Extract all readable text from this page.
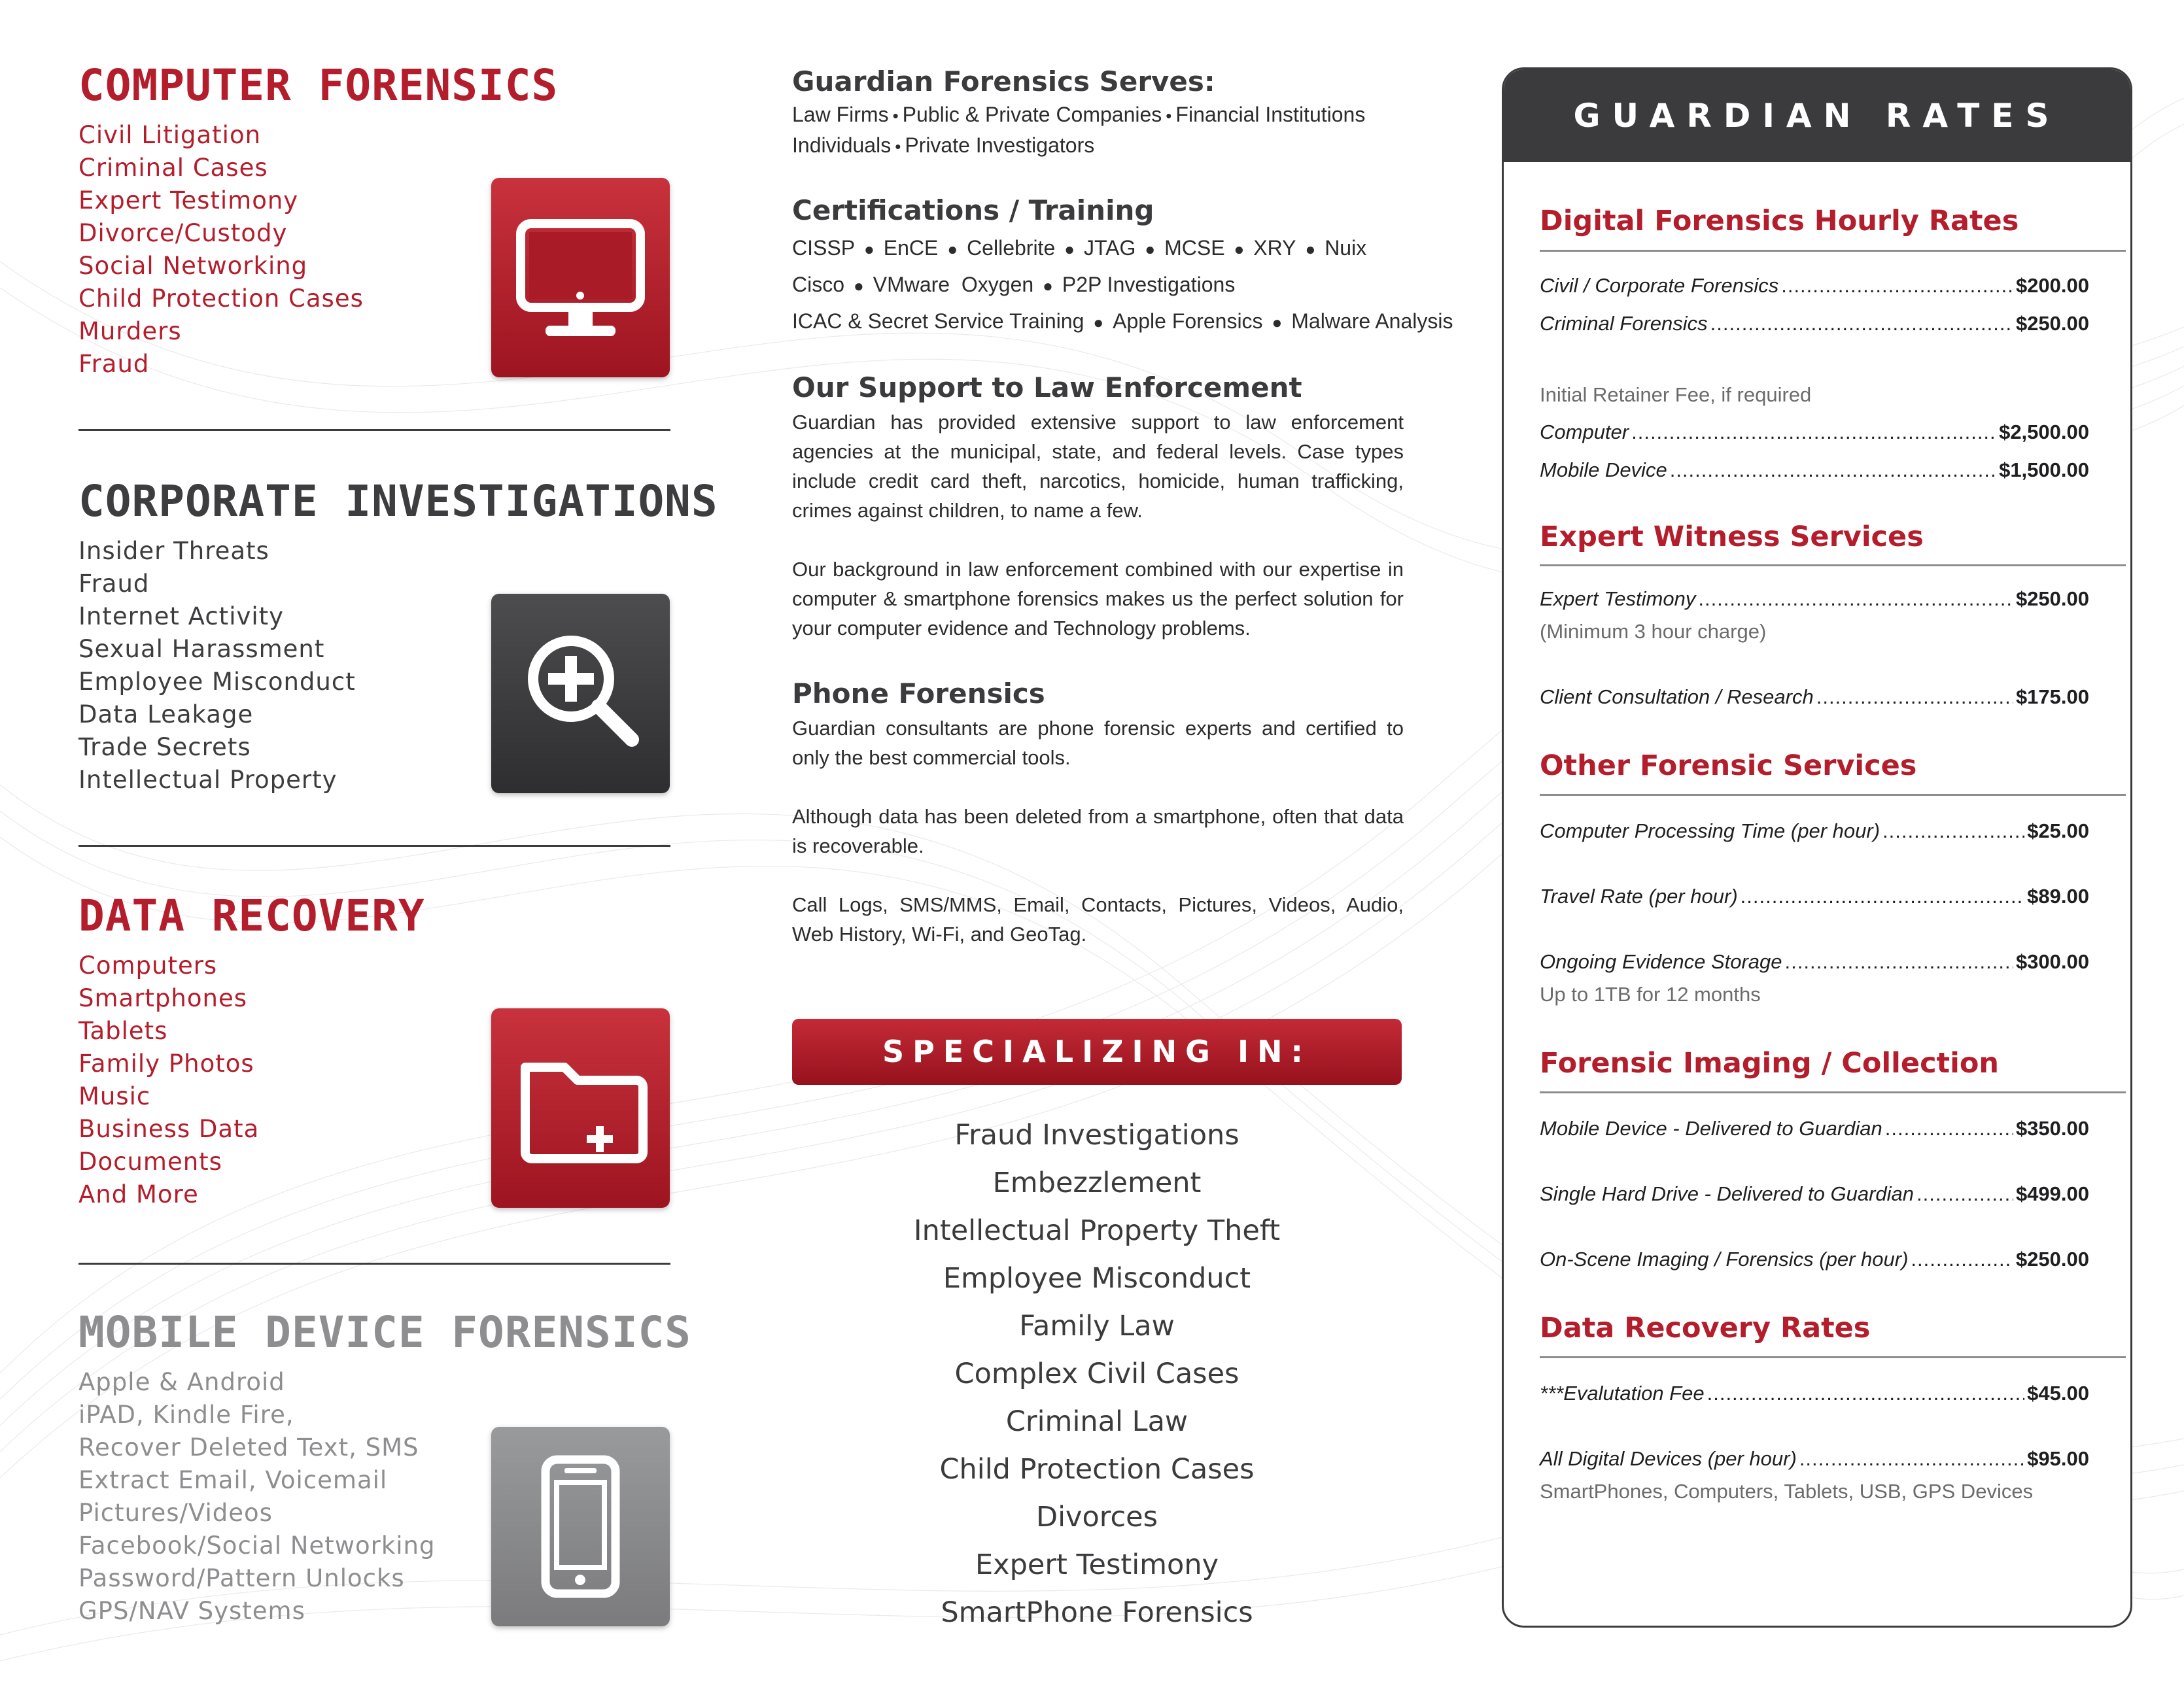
COMPUTER FORENSICS
Civil Litigation
Criminal Cases
Expert Testimony
Divorce/Custody
Social Networking
Child Protection Cases
Murders
Fraud
CORPORATE INVESTIGATIONS
Insider Threats
Fraud
Internet Activity
Sexual Harassment
Employee Misconduct
Data Leakage
Trade Secrets
Intellectual Property
DATA RECOVERY
Computers
Smartphones
Tablets
Family Photos
Music
Business Data
Documents
And More
MOBILE DEVICE FORENSICS
Apple & Android
iPAD, Kindle Fire,
Recover Deleted Text, SMS
Extract Email, Voicemail
Pictures/Videos
Facebook/Social Networking
Password/Pattern Unlocks
GPS/NAV Systems
Guardian Forensics Serves:
Law Firms • Public & Private Companies • Financial Institutions
Individuals • Private Investigators
Certifications / Training
CISSP ● EnCE ● Cellebrite ● JTAG ● MCSE ● XRY ● Nuix
Cisco ● VMware  Oxygen ● P2P Investigations
ICAC & Secret Service Training ● Apple Forensics ● Malware Analysis
Our Support to Law Enforcement

Guardian has provided extensive support to law enforcement agencies at the municipal, state, and federal levels. Case types include credit card theft, narcotics, homicide, human trafficking, crimes against children, to name a few.

Our background in law enforcement combined with our expertise in computer & smartphone forensics makes us the perfect solution for your computer evidence and Technology problems.

Phone Forensics

Guardian consultants are phone forensic experts and certified to only the best commercial tools.

Although data has been deleted from a smartphone, often that data is recoverable.

Call Logs, SMS/MMS, Email, Contacts, Pictures, Videos, Audio, Web History, Wi-Fi, and GeoTag.

SPECIALIZING IN:
Fraud Investigations
Embezzlement
Intellectual Property Theft
Employee Misconduct
Family Law
Complex Civil Cases
Criminal Law
Child Protection Cases
Divorces
Expert Testimony
SmartPhone Forensics
GUARDIAN RATES
Digital Forensics Hourly Rates
Civil / Corporate Forensics .....	$200.00
Criminal Forensics .....	$250.00
Initial Retainer Fee, if required
Computer .....	$2,500.00
Mobile Device .....	$1,500.00
Expert Witness Services
Expert Testimony .....	$250.00
(Minimum 3 hour charge)
Client Consultation / Research .....	$175.00
Other Forensic Services
Computer Processing Time (per hour) .....	$25.00
Travel Rate (per hour) .....	$89.00
Ongoing Evidence Storage .....	$300.00
Up to 1TB for 12 months
Forensic Imaging / Collection
Mobile Device - Delivered to Guardian .....	$350.00
Single Hard Drive - Delivered to Guardian .....	$499.00
On-Scene Imaging / Forensics (per hour) .....	$250.00
Data Recovery Rates
***Evalutation Fee .....	$45.00
All Digital Devices (per hour) .....	$95.00
SmartPhones, Computers, Tablets, USB, GPS Devices
